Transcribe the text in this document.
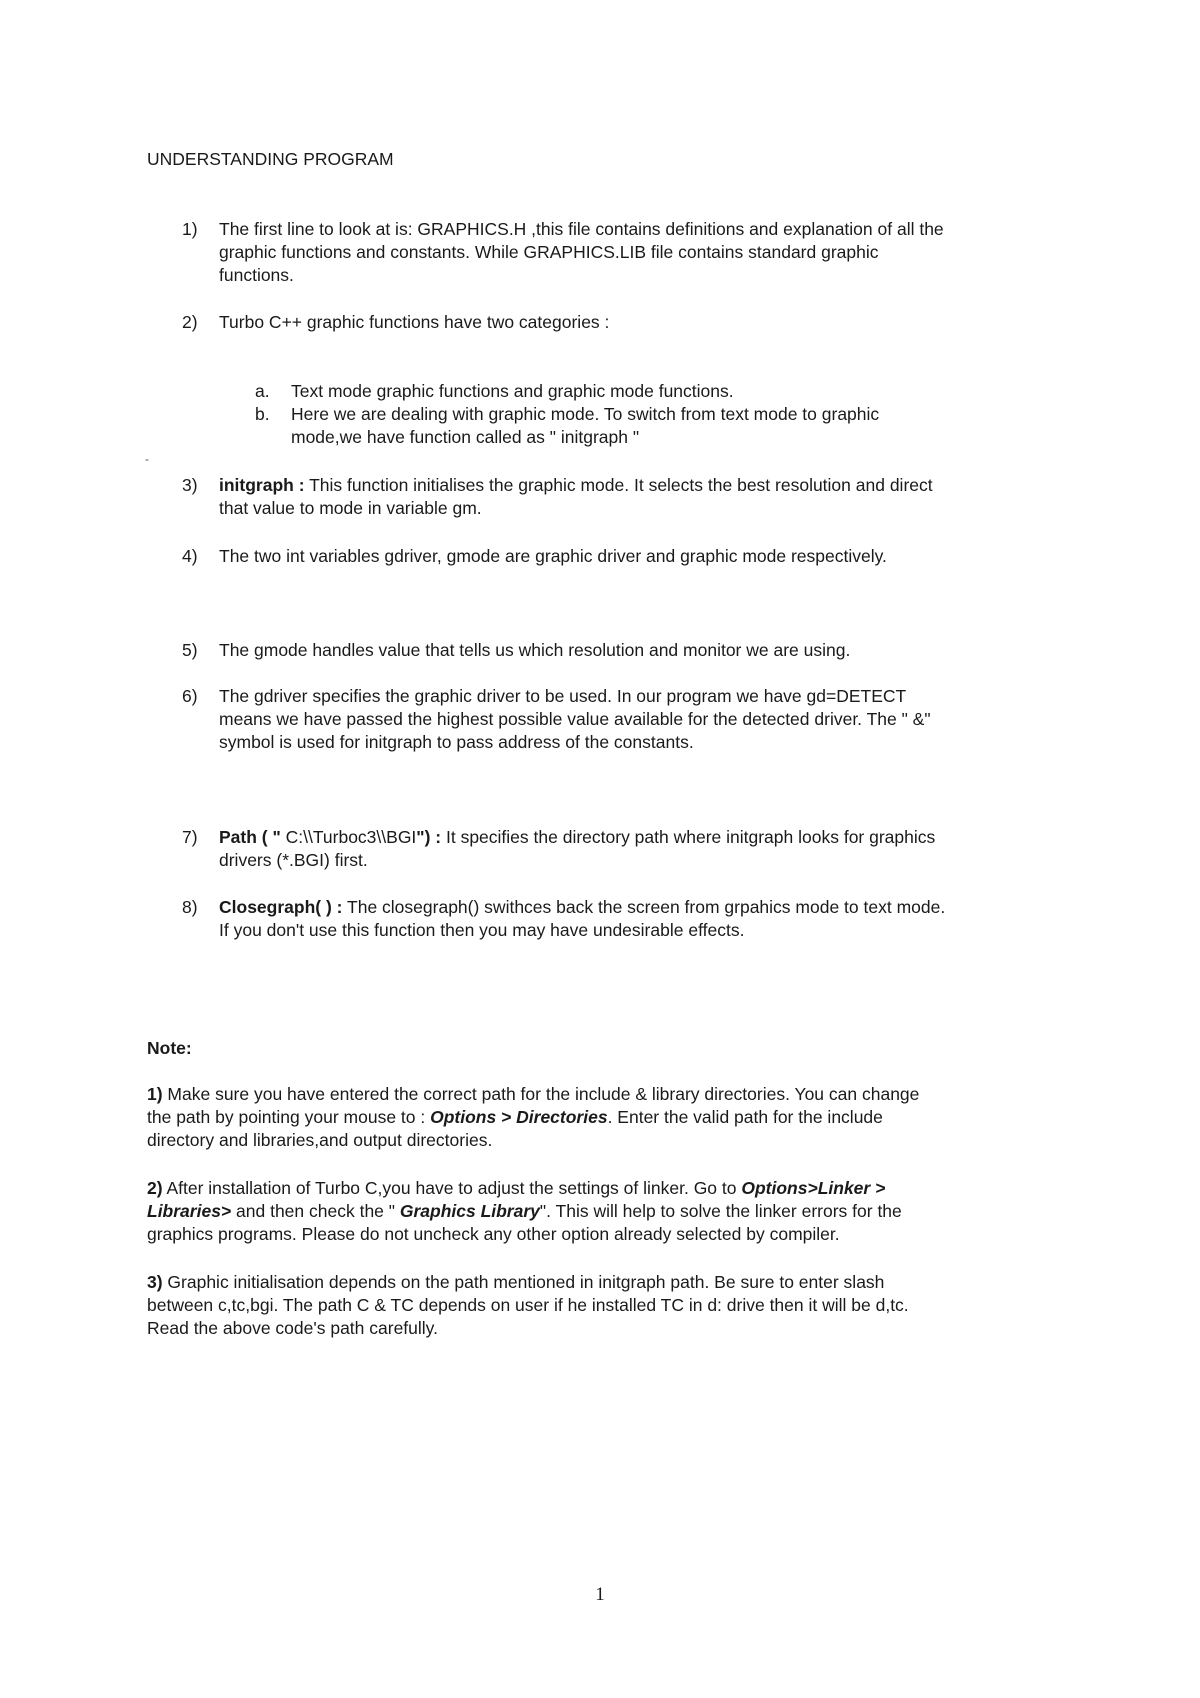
UNDERSTANDING PROGRAM
1)	The first line to look at is: GRAPHICS.H ,this file contains definitions and explanation of all the
graphic functions and constants. While GRAPHICS.LIB file contains standard graphic
functions.
2)	Turbo C++ graphic functions have two categories :
a. Text mode graphic functions and graphic mode functions.
b. Here we are dealing with graphic mode. To switch from text mode to graphic
mode,we have function called as " initgraph "
-
3)	initgraph : This function initialises the graphic mode. It selects the best resolution and direct
that value to mode in variable gm.
4)	The two int variables gdriver, gmode are graphic driver and graphic mode respectively.
5)	The gmode handles value that tells us which resolution and monitor we are using.
6)	The gdriver specifies the graphic driver to be used. In our program we have gd=DETECT
means we have passed the highest possible value available for the detected driver. The " &"
symbol is used for initgraph to pass address of the constants.
7)	Path ( " C:\\Turboc3\\BGI") : It specifies the directory path where initgraph looks for graphics
drivers (*.BGI) first.
8)	Closegraph( ) : The closegraph() swithces back the screen from grpahics mode to text mode.
If you don't use this function then you may have undesirable effects.
Note:
1) Make sure you have entered the correct path for the include & library directories. You can change
the path by pointing your mouse to : Options > Directories. Enter the valid path for the include
directory and libraries,and output directories.
2) After installation of Turbo C,you have to adjust the settings of linker. Go to Options>Linker >
Libraries> and then check the " Graphics Library". This will help to solve the linker errors for the
graphics programs. Please do not uncheck any other option already selected by compiler.
3) Graphic initialisation depends on the path mentioned in initgraph path. Be sure to enter slash
between c,tc,bgi. The path C & TC depends on user if he installed TC in d: drive then it will be d,tc.
Read the above code's path carefully.
1
